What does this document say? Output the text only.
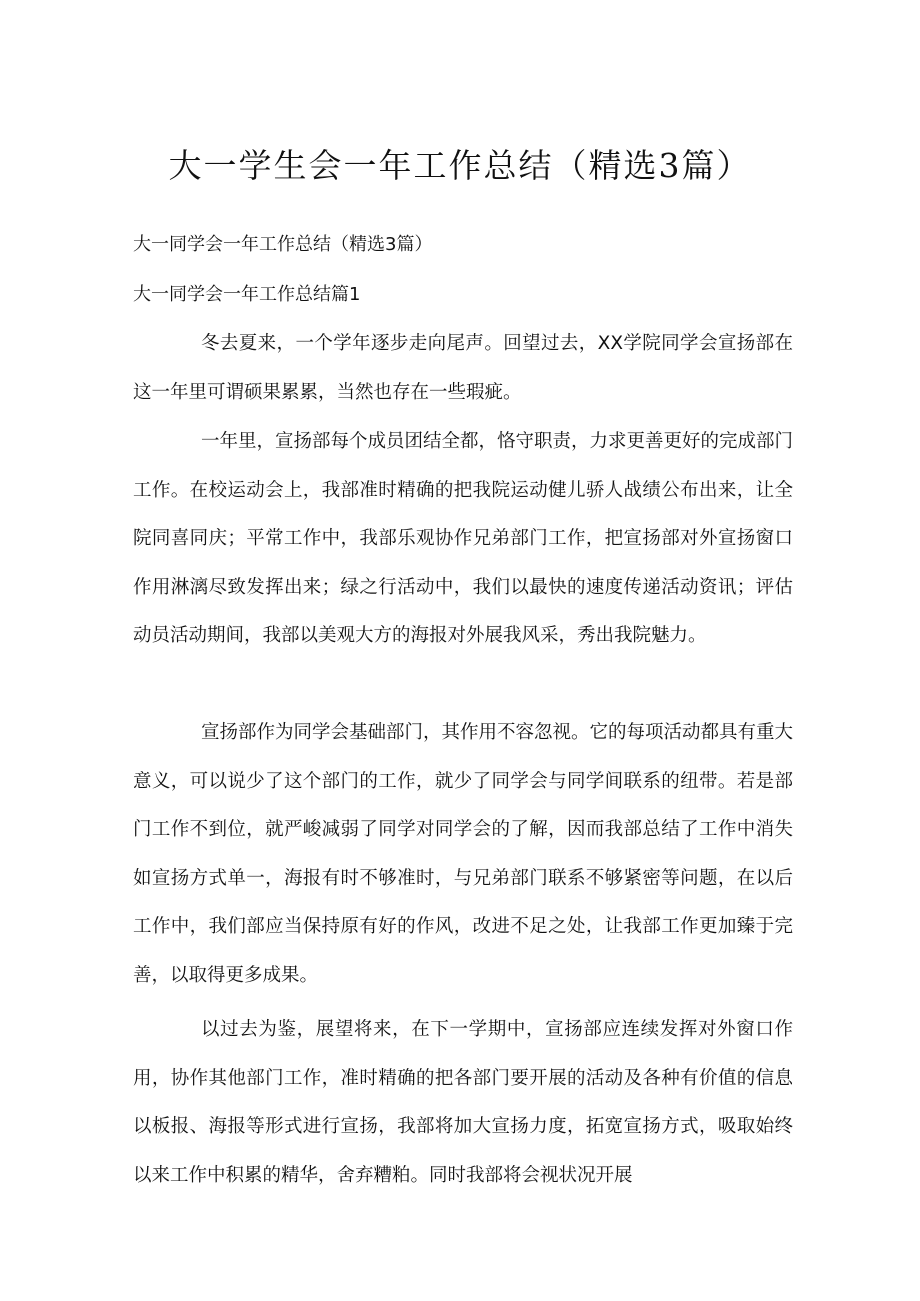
大一学生会一年工作总结（精选3篇）

大一同学会一年工作总结（精选3篇）

大一同学会一年工作总结篇1

冬去夏来，一个学年逐步走向尾声。回望过去，XX学院同学会宣扬部在这一年里可谓硕果累累，当然也存在一些瑕疵。

一年里，宣扬部每个成员团结全都，恪守职责，力求更善更好的完成部门工作。在校运动会上，我部准时精确的把我院运动健儿骄人战绩公布出来，让全院同喜同庆；平常工作中，我部乐观协作兄弟部门工作，把宣扬部对外宣扬窗口作用淋漓尽致发挥出来；绿之行活动中，我们以最快的速度传递活动资讯；评估动员活动期间，我部以美观大方的海报对外展我风采，秀出我院魅力。

宣扬部作为同学会基础部门，其作用不容忽视。它的每项活动都具有重大意义，可以说少了这个部门的工作，就少了同学会与同学间联系的纽带。若是部门工作不到位，就严峻减弱了同学对同学会的了解，因而我部总结了工作中消失如宣扬方式单一，海报有时不够准时，与兄弟部门联系不够紧密等问题，在以后工作中，我们部应当保持原有好的作风，改进不足之处，让我部工作更加臻于完善，以取得更多成果。

以过去为鉴，展望将来，在下一学期中，宣扬部应连续发挥对外窗口作用，协作其他部门工作，准时精确的把各部门要开展的活动及各种有价值的信息以板报、海报等形式进行宣扬，我部将加大宣扬力度，拓宽宣扬方式，吸取始终以来工作中积累的精华，舍弃糟粕。同时我部将会视状况开展
